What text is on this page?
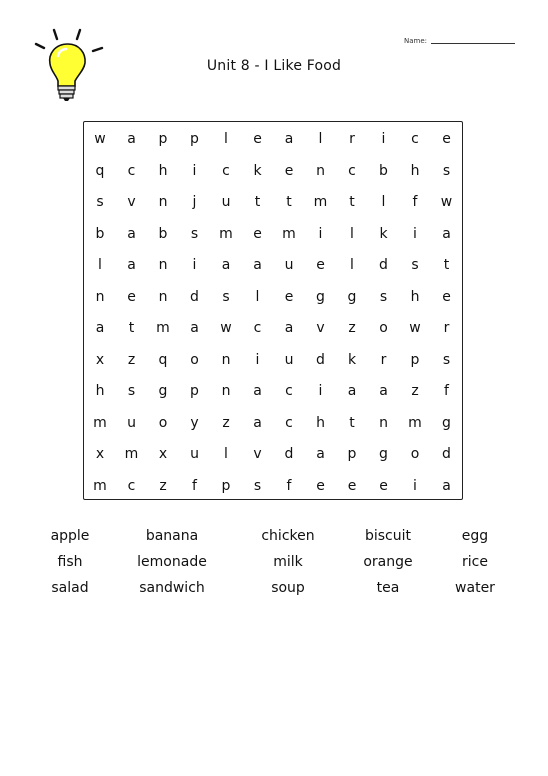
Name:
Unit 8 - I Like Food
w	a	p	p	l	e	a	l	r	i	c	e
q	c	h	i	c	k	e	n	c	b	h	s
s	v	n	j	u	t	t	m	t	l	f	w
b	a	b	s	m	e	m	i	l	k	i	a
l	a	n	i	a	a	u	e	l	d	s	t
n	e	n	d	s	l	e	g	g	s	h	e
a	t	m	a	w	c	a	v	z	o	w	r
x	z	q	o	n	i	u	d	k	r	p	s
h	s	g	p	n	a	c	i	a	a	z	f
m	u	o	y	z	a	c	h	t	n	m	g
x	m	x	u	l	v	d	a	p	g	o	d
m	c	z	f	p	s	f	e	e	e	i	a
apple	banana	chicken	biscuit	egg
fish	lemonade	milk	orange	rice
salad	sandwich	soup	tea	water
